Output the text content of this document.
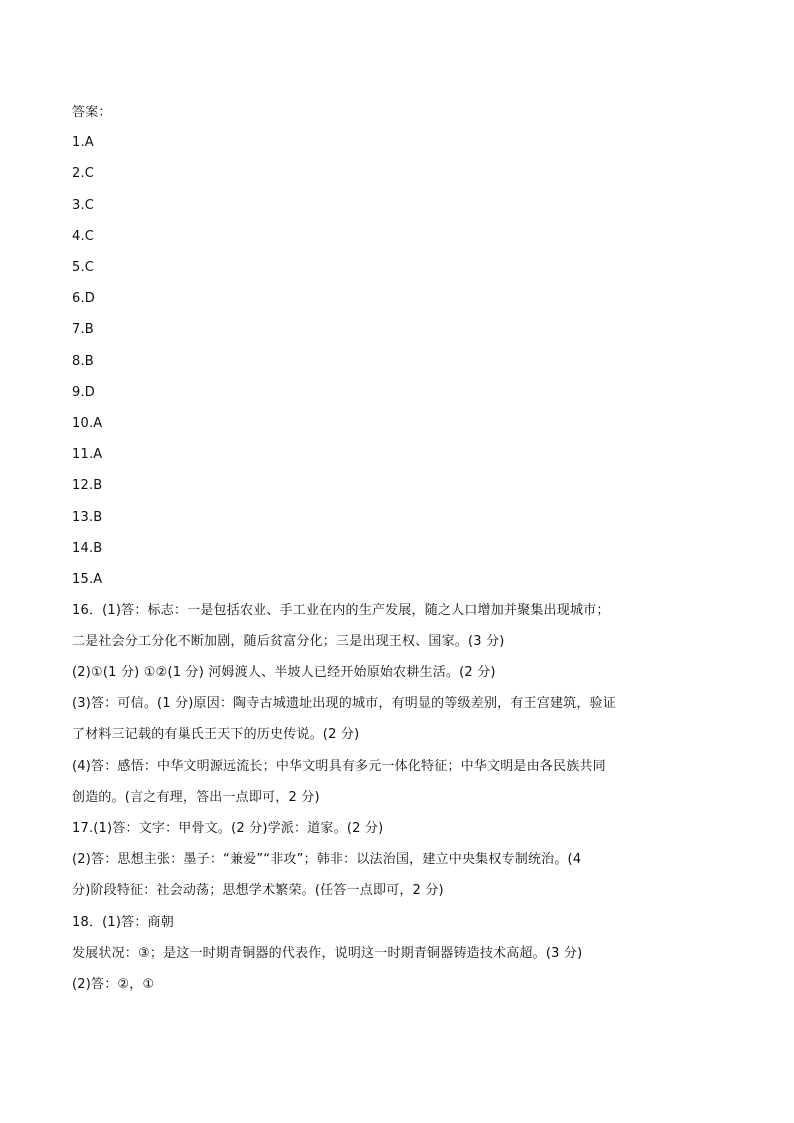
答案：
1.A
2.C
3.C
4.C
5.C
6.D
7.B
8.B
9.D
10.A
11.A
12.B
13.B
14.B
15.A
16．(1)答：标志：一是包括农业、手工业在内的生产发展，随之人口增加并聚集出现城市；
二是社会分工分化不断加剧，随后贫富分化；三是出现王权、国家。(3 分)
(2)①(1 分) ①②(1 分) 河姆渡人、半坡人已经开始原始农耕生活。(2 分)
(3)答：可信。(1 分)原因：陶寺古城遗址出现的城市，有明显的等级差别，有王宫建筑，验证
了材料三记载的有巢氏王天下的历史传说。(2 分)
(4)答：感悟：中华文明源远流长；中华文明具有多元一体化特征；中华文明是由各民族共同
创造的。(言之有理，答出一点即可，2 分)
17.(1)答：文字：甲骨文。(2 分)学派：道家。(2 分)
(2)答：思想主张：墨子：“兼爱”“非攻”；韩非：以法治国，建立中央集权专制统治。(4
分)阶段特征：社会动荡；思想学术繁荣。(任答一点即可，2 分)
18．(1)答：商朝
发展状况：③；是这一时期青铜器的代表作，说明这一时期青铜器铸造技术高超。(3 分)
(2)答：②，①
